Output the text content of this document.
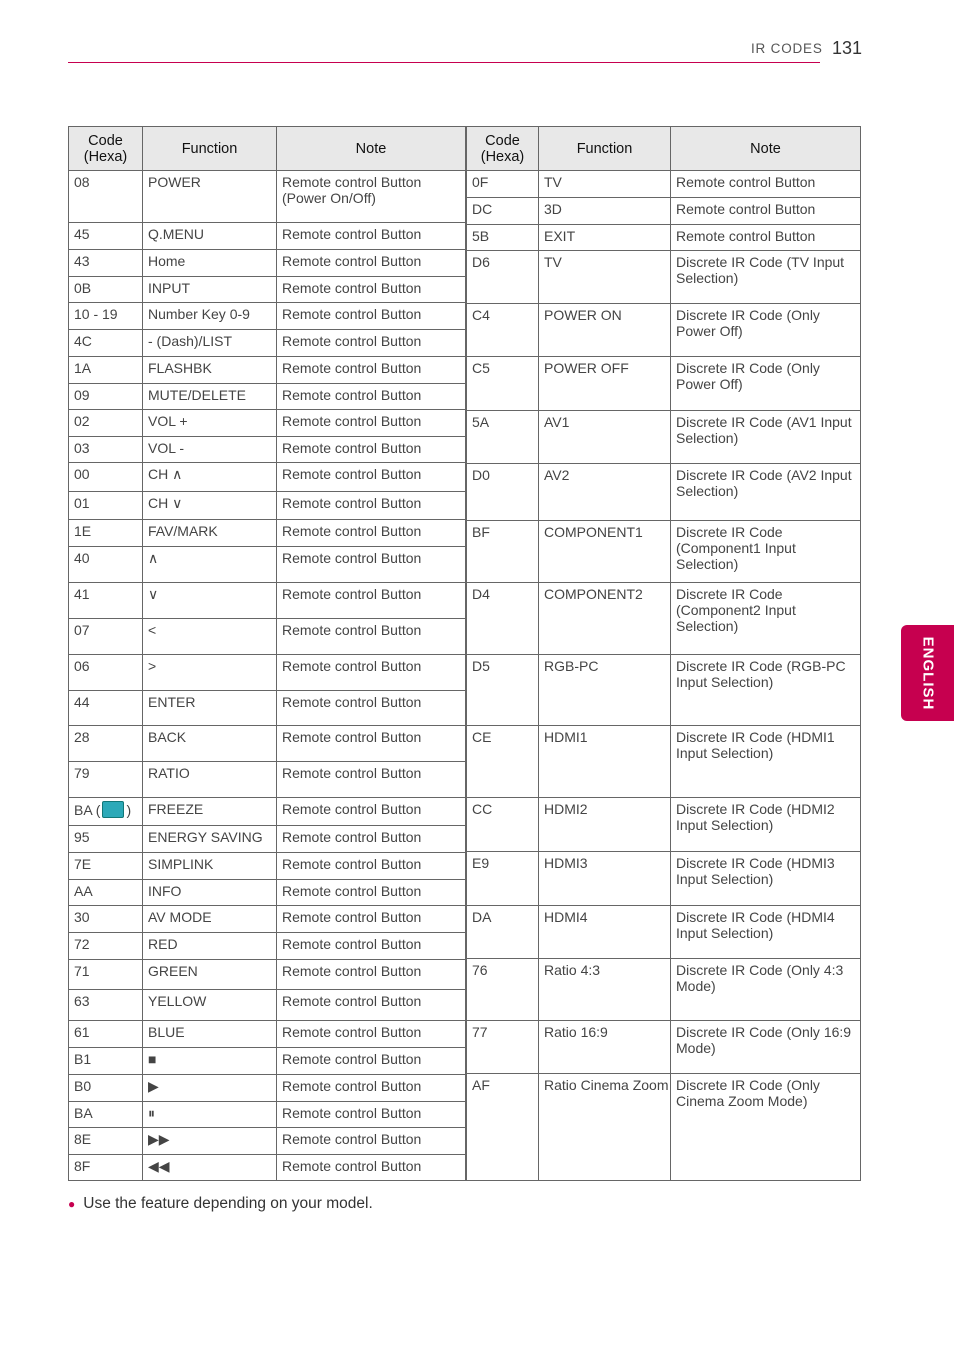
IR CODES 131
ENGLISH
Code (Hexa)	Function	Note
08	POWER	Remote control Button (Power On/Off)
45	Q.MENU	Remote control Button
43	Home	Remote control Button
0B	INPUT	Remote control Button
10 - 19	Number Key 0-9	Remote control Button
4C	- (Dash)/LIST	Remote control Button
1A	FLASHBK	Remote control Button
09	MUTE/DELETE	Remote control Button
02	VOL +	Remote control Button
03	VOL -	Remote control Button
00	CH ∧	Remote control Button
01	CH ∨	Remote control Button
1E	FAV/MARK	Remote control Button
40	∧	Remote control Button
41	∨	Remote control Button
07	<	Remote control Button
06	>	Remote control Button
44	ENTER	Remote control Button
28	BACK	Remote control Button
79	RATIO	Remote control Button
BA ( )	FREEZE	Remote control Button
95	ENERGY SAVING	Remote control Button
7E	SIMPLINK	Remote control Button
AA	INFO	Remote control Button
30	AV MODE	Remote control Button
72	RED	Remote control Button
71	GREEN	Remote control Button
63	YELLOW	Remote control Button
61	BLUE	Remote control Button
B1	■	Remote control Button
B0	▶	Remote control Button
BA	⏸	Remote control Button
8E	▶▶	Remote control Button
8F	◀◀	Remote control Button
Code (Hexa)	Function	Note
0F	TV	Remote control Button
DC	3D	Remote control Button
5B	EXIT	Remote control Button
D6	TV	Discrete IR Code (TV Input Selection)
C4	POWER ON	Discrete IR Code (Only Power Off)
C5	POWER OFF	Discrete IR Code (Only Power Off)
5A	AV1	Discrete IR Code (AV1 Input Selection)
D0	AV2	Discrete IR Code (AV2 Input Selection)
BF	COMPONENT1	Discrete IR Code (Component1 Input Selection)
D4	COMPONENT2	Discrete IR Code (Component2 Input Selection)
D5	RGB-PC	Discrete IR Code (RGB-PC Input Selection)
CE	HDMI1	Discrete IR Code (HDMI1 Input Selection)
CC	HDMI2	Discrete IR Code (HDMI2 Input Selection)
E9	HDMI3	Discrete IR Code (HDMI3 Input Selection)
DA	HDMI4	Discrete IR Code (HDMI4 Input Selection)
76	Ratio 4:3	Discrete IR Code (Only 4:3 Mode)
77	Ratio 16:9	Discrete IR Code (Only 16:9 Mode)
AF	Ratio Cinema Zoom	Discrete IR Code (Only Cinema Zoom Mode)
● Use the feature depending on your model.
